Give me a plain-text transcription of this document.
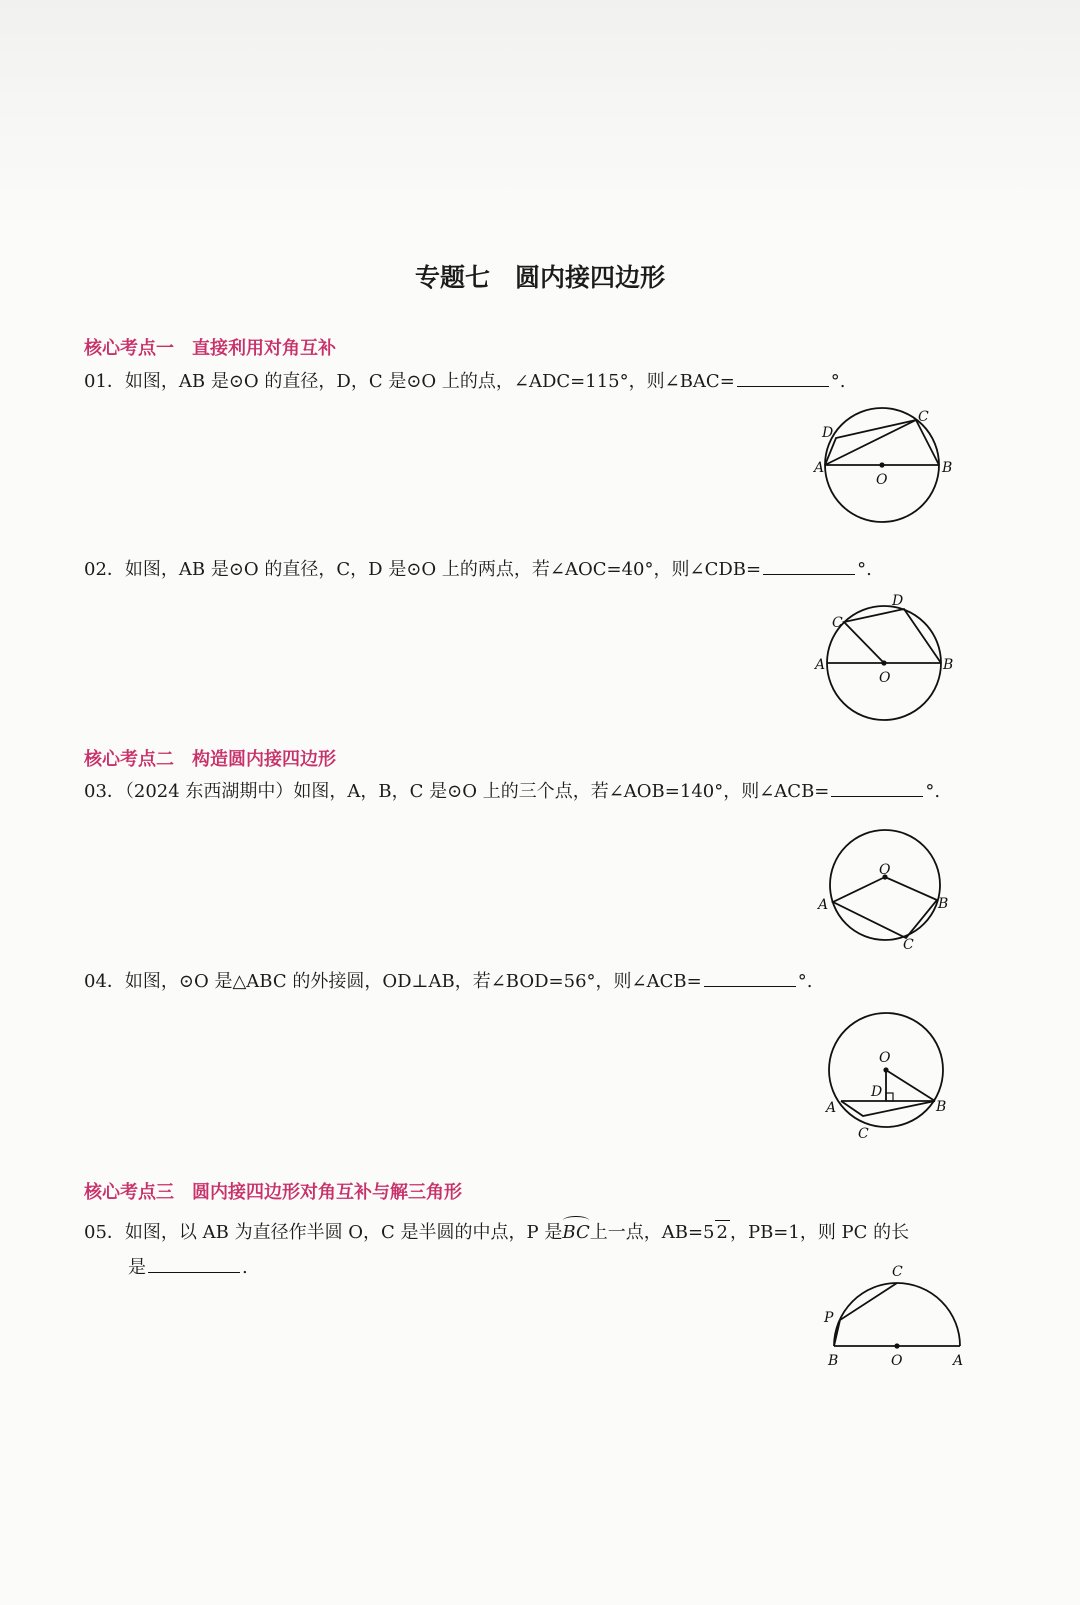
专题七　圆内接四边形
核心考点一　直接利用对角互补
01．如图，AB 是⊙O 的直径，D，C 是⊙O 上的点，∠ADC=115°，则∠BAC=	°.
A	B
C
D
O
02．如图，AB 是⊙O 的直径，C，D 是⊙O 上的两点，若∠AOC=40°，则∠CDB=	°.
A	B
C
D
O
核心考点二　构造圆内接四边形
03．（2024 东西湖期中）如图，A，B，C 是⊙O 上的三个点，若∠AOB=140°，则∠ACB=	°.
A	B
C
O
04．如图，⊙O 是△ABC 的外接圆，OD⊥AB，若∠BOD=56°，则∠ACB=	°.
A	B
C
D
O
核心考点三　圆内接四边形对角互补与解三角形
05．如图，以 AB 为直径作半圆 O，C 是半圆的中点，P 是BC上一点，AB=5 2 ，PB=1，则 PC 的长
是	.
B	O	A
C
P
